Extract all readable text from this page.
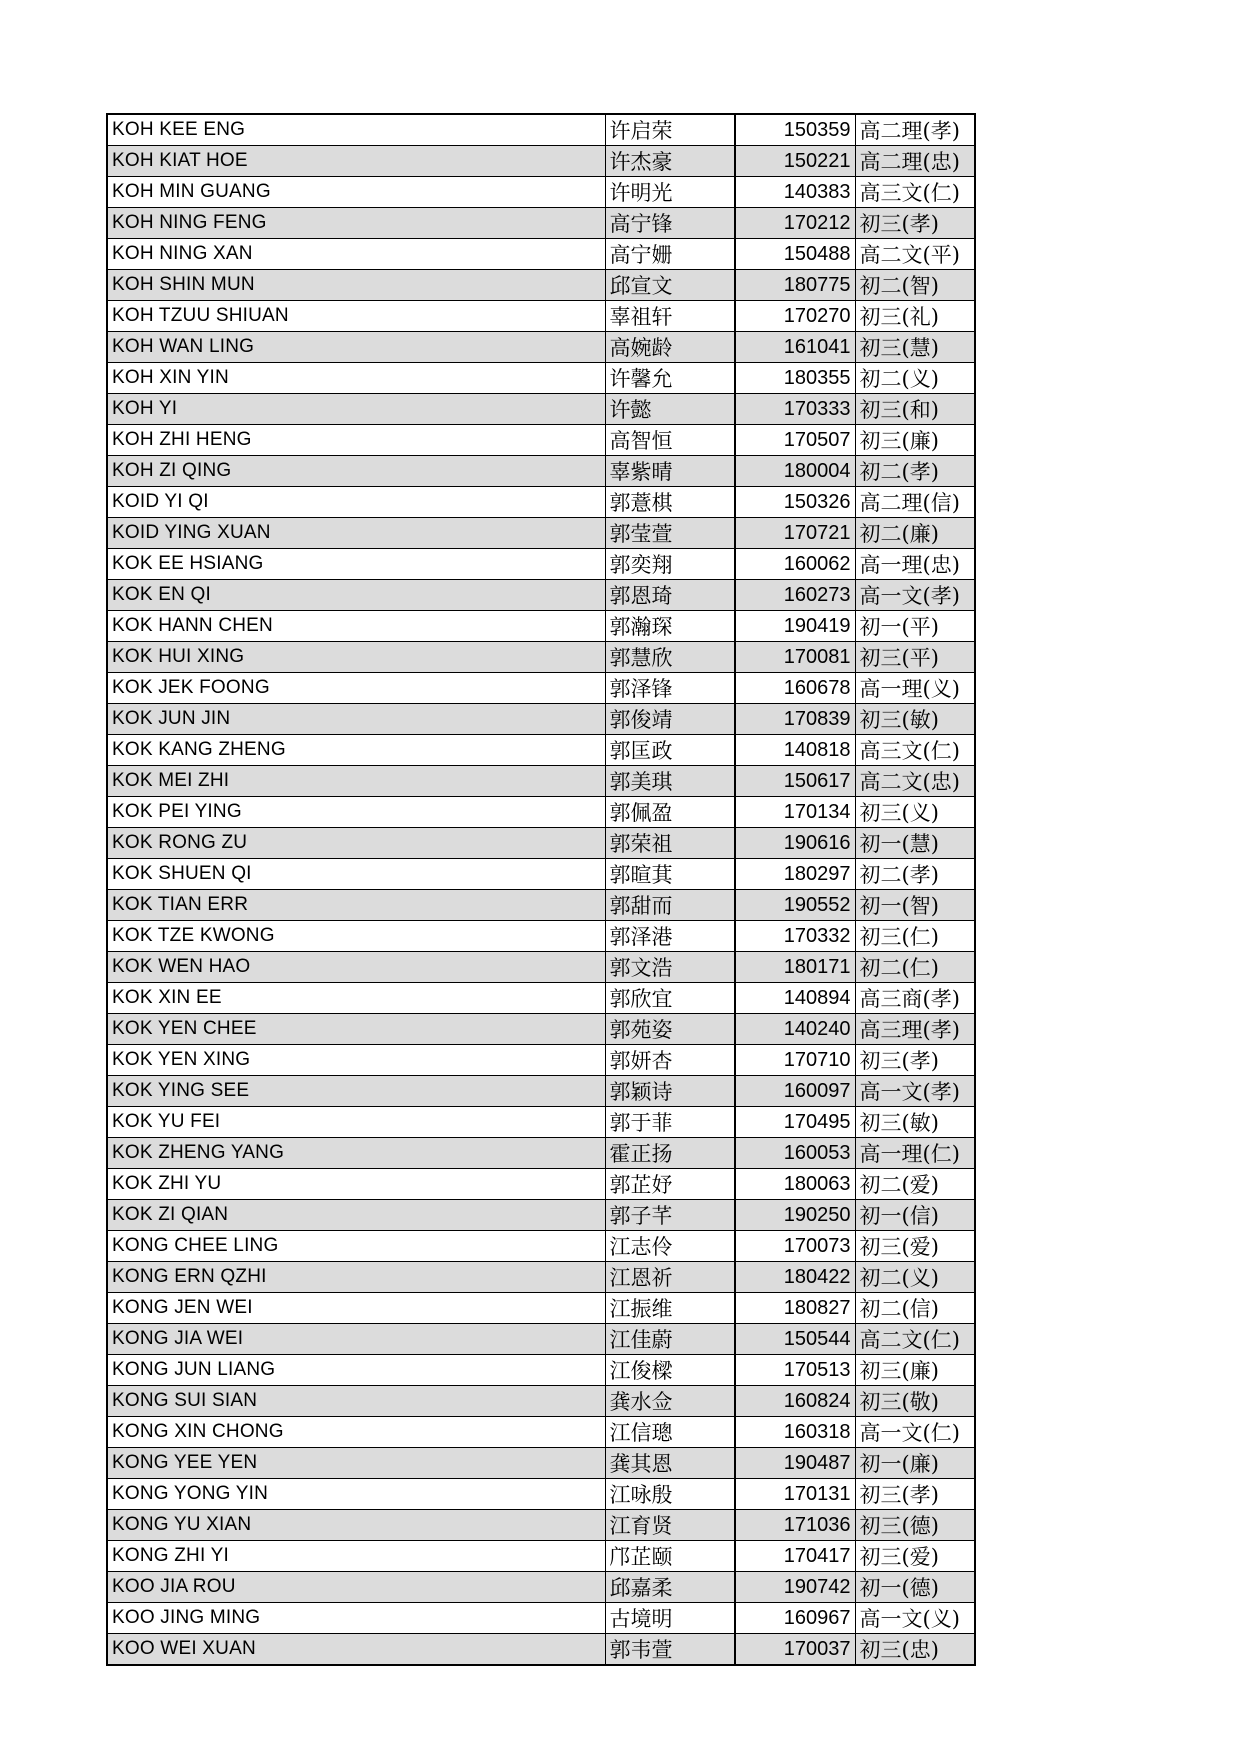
KOH KEE ENG	许启荣	150359	高二理(孝)
KOH KIAT HOE	许杰豪	150221	高二理(忠)
KOH MIN GUANG	许明光	140383	高三文(仁)
KOH NING FENG	高宁锋	170212	初三(孝)
KOH NING XAN	高宁姗	150488	高二文(平)
KOH SHIN MUN	邱宣文	180775	初二(智)
KOH TZUU SHIUAN	辜祖轩	170270	初三(礼)
KOH WAN LING	高婉龄	161041	初三(慧)
KOH XIN YIN	许馨允	180355	初二(义)
KOH YI	许懿	170333	初三(和)
KOH ZHI HENG	高智恒	170507	初三(廉)
KOH ZI QING	辜紫晴	180004	初二(孝)
KOID YI QI	郭薏棋	150326	高二理(信)
KOID YING XUAN	郭莹萱	170721	初二(廉)
KOK EE HSIANG	郭奕翔	160062	高一理(忠)
KOK EN QI	郭恩琦	160273	高一文(孝)
KOK HANN CHEN	郭瀚琛	190419	初一(平)
KOK HUI XING	郭慧欣	170081	初三(平)
KOK JEK FOONG	郭泽锋	160678	高一理(义)
KOK JUN JIN	郭俊靖	170839	初三(敏)
KOK KANG ZHENG	郭匡政	140818	高三文(仁)
KOK MEI ZHI	郭美琪	150617	高二文(忠)
KOK PEI YING	郭佩盈	170134	初三(义)
KOK RONG ZU	郭荣祖	190616	初一(慧)
KOK SHUEN QI	郭暄萁	180297	初二(孝)
KOK TIAN ERR	郭甜而	190552	初一(智)
KOK TZE KWONG	郭泽港	170332	初三(仁)
KOK WEN HAO	郭文浩	180171	初二(仁)
KOK XIN EE	郭欣宜	140894	高三商(孝)
KOK YEN CHEE	郭苑姿	140240	高三理(孝)
KOK YEN XING	郭妍杏	170710	初三(孝)
KOK YING SEE	郭颖诗	160097	高一文(孝)
KOK YU FEI	郭于菲	170495	初三(敏)
KOK ZHENG YANG	霍正扬	160053	高一理(仁)
KOK ZHI YU	郭芷妤	180063	初二(爱)
KOK ZI QIAN	郭子芊	190250	初一(信)
KONG CHEE LING	江志伶	170073	初三(爱)
KONG ERN QZHI	江恩祈	180422	初二(义)
KONG JEN WEI	江振维	180827	初二(信)
KONG JIA WEI	江佳蔚	150544	高二文(仁)
KONG JUN LIANG	江俊樑	170513	初三(廉)
KONG SUI SIAN	龚水佥	160824	初三(敬)
KONG XIN CHONG	江信璁	160318	高一文(仁)
KONG YEE YEN	龚其恩	190487	初一(廉)
KONG YONG YIN	江咏殷	170131	初三(孝)
KONG YU XIAN	江育贤	171036	初三(德)
KONG ZHI YI	邝芷颐	170417	初三(爱)
KOO JIA ROU	邱嘉柔	190742	初一(德)
KOO JING MING	古境明	160967	高一文(义)
KOO WEI XUAN	郭韦萱	170037	初三(忠)
